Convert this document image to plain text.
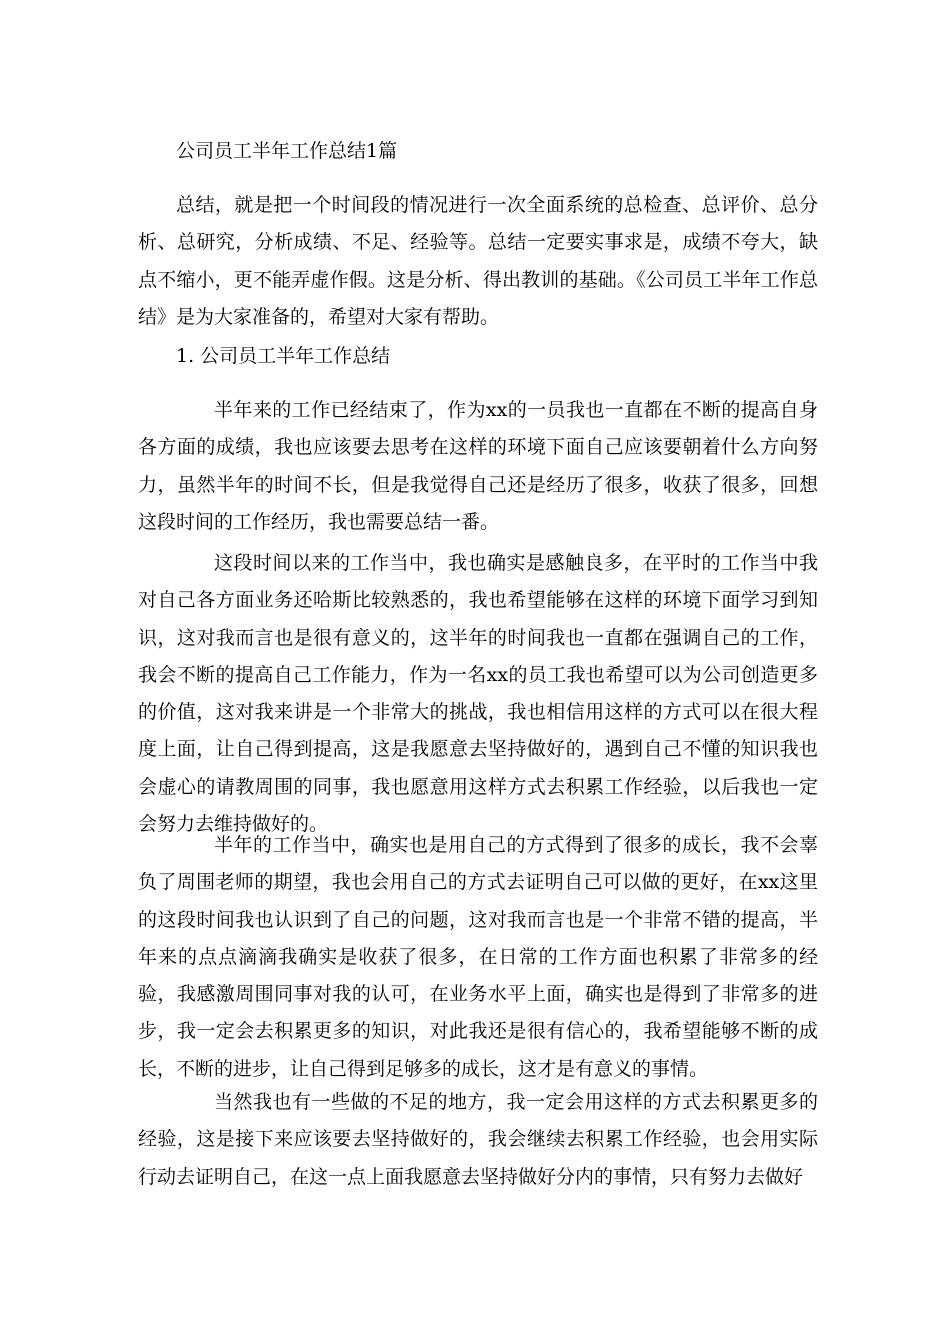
公司员工半年工作总结1篇

总结，就是把一个时间段的情况进行一次全面系统的总检查、总评价、总分析、总研究，分析成绩、不足、经验等。总结一定要实事求是，成绩不夸大，缺点不缩小，更不能弄虚作假。这是分析、得出教训的基础。《公司员工半年工作总结》是为大家准备的，希望对大家有帮助。

1. 公司员工半年工作总结

半年来的工作已经结束了，作为xx的一员我也一直都在不断的提高自身各方面的成绩，我也应该要去思考在这样的环境下面自己应该要朝着什么方向努力，虽然半年的时间不长，但是我觉得自己还是经历了很多，收获了很多，回想这段时间的工作经历，我也需要总结一番。

这段时间以来的工作当中，我也确实是感触良多，在平时的工作当中我对自己各方面业务还哈斯比较熟悉的，我也希望能够在这样的环境下面学习到知识，这对我而言也是很有意义的，这半年的时间我也一直都在强调自己的工作，我会不断的提高自己工作能力，作为一名xx的员工我也希望可以为公司创造更多的价值，这对我来讲是一个非常大的挑战，我也相信用这样的方式可以在很大程度上面，让自己得到提高，这是我愿意去坚持做好的，遇到自己不懂的知识我也会虚心的请教周围的同事，我也愿意用这样方式去积累工作经验，以后我也一定会努力去维持做好的。

半年的工作当中，确实也是用自己的方式得到了很多的成长，我不会辜负了周围老师的期望，我也会用自己的方式去证明自己可以做的更好，在xx这里的这段时间我也认识到了自己的问题，这对我而言也是一个非常不错的提高，半年来的点点滴滴我确实是收获了很多，在日常的工作方面也积累了非常多的经验，我感激周围同事对我的认可，在业务水平上面，确实也是得到了非常多的进步，我一定会去积累更多的知识，对此我还是很有信心的，我希望能够不断的成长，不断的进步，让自己得到足够多的成长，这才是有意义的事情。

当然我也有一些做的不足的地方，我一定会用这样的方式去积累更多的经验，这是接下来应该要去坚持做好的，我会继续去积累工作经验，也会用实际行动去证明自己，在这一点上面我愿意去坚持做好分内的事情，只有努力去做好
